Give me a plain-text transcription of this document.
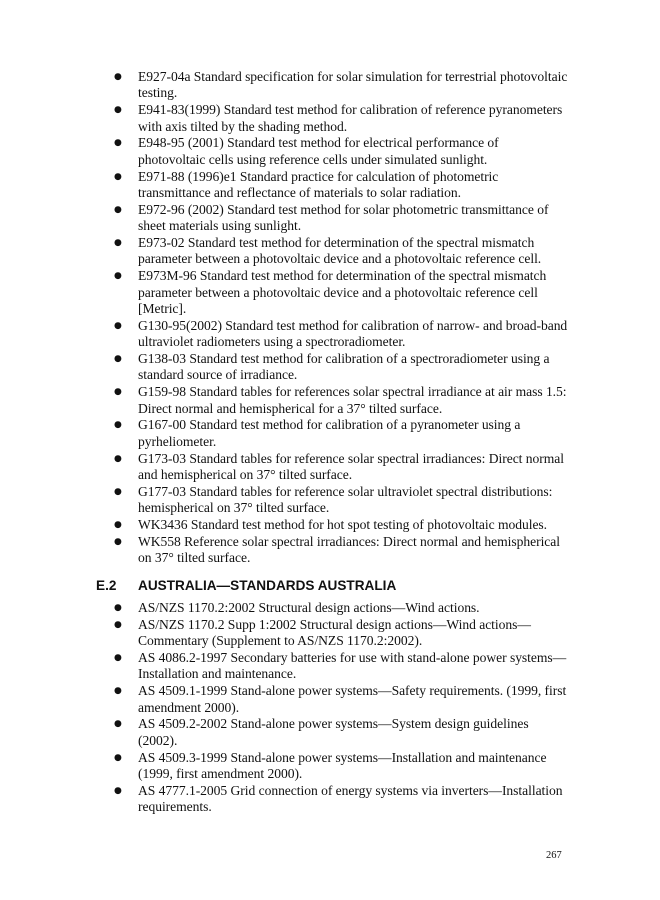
● E927-04a Standard specification for solar simulation for terrestrial photovoltaic testing.
● E941-83(1999) Standard test method for calibration of reference pyranometers with axis tilted by the shading method.
● E948-95 (2001) Standard test method for electrical performance of photovoltaic cells using reference cells under simulated sunlight.
● E971-88 (1996)e1 Standard practice for calculation of photometric transmittance and reflectance of materials to solar radiation.
● E972-96 (2002) Standard test method for solar photometric transmittance of sheet materials using sunlight.
● E973-02 Standard test method for determination of the spectral mismatch parameter between a photovoltaic device and a photovoltaic reference cell.
● E973M-96 Standard test method for determination of the spectral mismatch parameter between a photovoltaic device and a photovoltaic reference cell [Metric].
● G130-95(2002) Standard test method for calibration of narrow- and broad-band ultraviolet radiometers using a spectroradiometer.
● G138-03 Standard test method for calibration of a spectroradiometer using a standard source of irradiance.
● G159-98 Standard tables for references solar spectral irradiance at air mass 1.5: Direct normal and hemispherical for a 37° tilted surface.
● G167-00 Standard test method for calibration of a pyranometer using a pyrheliometer.
● G173-03 Standard tables for reference solar spectral irradiances: Direct normal and hemispherical on 37° tilted surface.
● G177-03 Standard tables for reference solar ultraviolet spectral distributions: hemispherical on 37° tilted surface.
● WK3436 Standard test method for hot spot testing of photovoltaic modules.
● WK558 Reference solar spectral irradiances: Direct normal and hemispherical on 37° tilted surface.
E.2 AUSTRALIA—STANDARDS AUSTRALIA
● AS/NZS 1170.2:2002 Structural design actions—Wind actions.
● AS/NZS 1170.2 Supp 1:2002 Structural design actions—Wind actions—Commentary (Supplement to AS/NZS 1170.2:2002).
● AS 4086.2-1997 Secondary batteries for use with stand-alone power systems—Installation and maintenance.
● AS 4509.1-1999 Stand-alone power systems—Safety requirements. (1999, first amendment 2000).
● AS 4509.2-2002 Stand-alone power systems—System design guidelines (2002).
● AS 4509.3-1999 Stand-alone power systems—Installation and maintenance (1999, first amendment 2000).
● AS 4777.1-2005 Grid connection of energy systems via inverters—Installation requirements.
267
